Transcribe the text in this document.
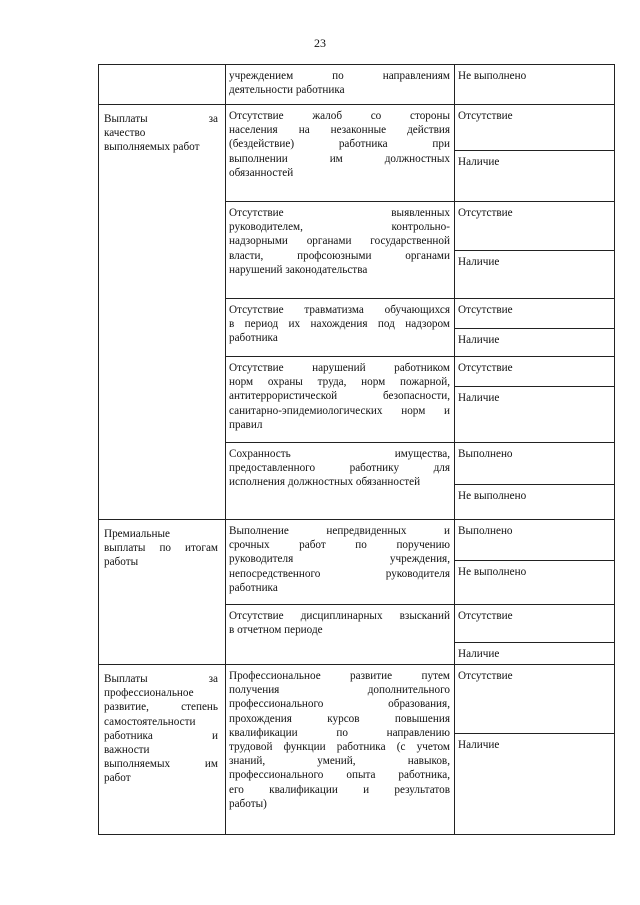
23
учреждением по направлениям
деятельности работника
Не выполнено
Выплаты за
качество
выполняемых работ
Отсутствие жалоб со стороны
населения на незаконные действия
(бездействие) работника при
выполнении им должностных
обязанностей
Отсутствие
Наличие
Отсутствие выявленных
руководителем, контрольно-
надзорными органами государственной
власти, профсоюзными органами
нарушений законодательства
Отсутствие
Наличие
Отсутствие травматизма обучающихся
в период их нахождения под надзором
работника
Отсутствие
Наличие
Отсутствие нарушений работником
норм охраны труда, норм пожарной,
антитеррористической безопасности,
санитарно-эпидемиологических норм и
правил
Отсутствие
Наличие
Сохранность имущества,
предоставленного работнику для
исполнения должностных обязанностей
Выполнено
Не выполнено
Премиальные
выплаты по итогам
работы
Выполнение непредвиденных и
срочных работ по поручению
руководителя учреждения,
непосредственного руководителя
работника
Выполнено
Не выполнено
Отсутствие дисциплинарных взысканий
в отчетном периоде
Отсутствие
Наличие
Выплаты за
профессиональное
развитие, степень
самостоятельности
работника и
важности
выполняемых им
работ
Профессиональное развитие путем
получения дополнительного
профессионального образования,
прохождения курсов повышения
квалификации по направлению
трудовой функции работника (с учетом
знаний, умений, навыков,
профессионального опыта работника,
его квалификации и результатов
работы)
Отсутствие
Наличие
